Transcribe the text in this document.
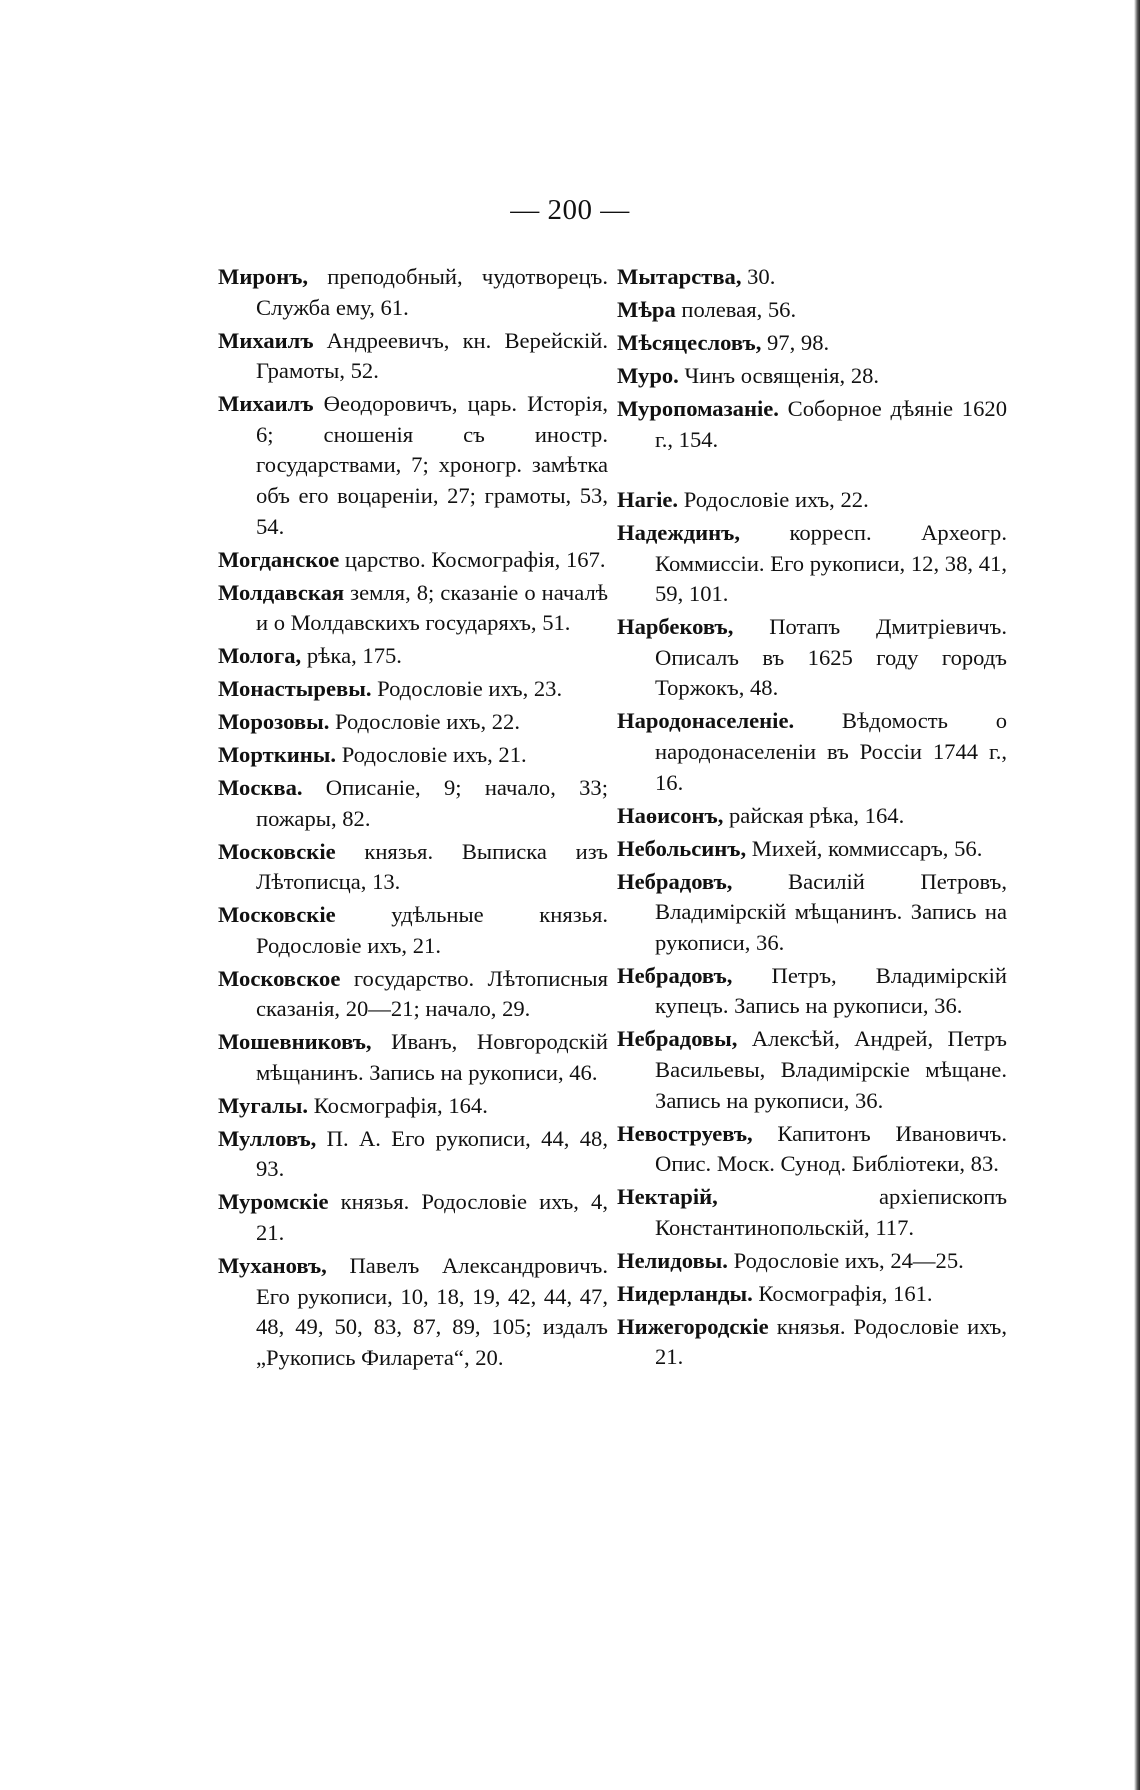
— 200 —
Миронъ, преподобный, чудотворецъ. Служба ему, 61.
Михаилъ Андреевичъ, кн. Верейскій. Грамоты, 52.
Михаилъ Өеодоровичъ, царь. Исторія, 6; сношенія съ иностр. государствами, 7; хроногр. замѣтка объ его воцареніи, 27; грамоты, 53, 54.
Могданское царство. Космографія, 167.
Молдавская земля, 8; сказаніе о началѣ и о Молдавскихъ государяхъ, 51.
Молога, рѣка, 175.
Монастыревы. Родословіе ихъ, 23.
Морозовы. Родословіе ихъ, 22.
Морткины. Родословіе ихъ, 21.
Москва. Описаніе, 9; начало, 33; пожары, 82.
Московскіе князья. Выписка изъ Лѣтописца, 13.
Московскіе удѣльные князья. Родословіе ихъ, 21.
Московское государство. Лѣтописныя сказанія, 20—21; начало, 29.
Мошевниковъ, Иванъ, Новгородскій мѣщанинъ. Запись на рукописи, 46.
Мугалы. Космографія, 164.
Мулловъ, П. А. Его рукописи, 44, 48, 93.
Муромскіе князья. Родословіе ихъ, 4, 21.
Мухановъ, Павелъ Александровичъ. Его рукописи, 10, 18, 19, 42, 44, 47, 48, 49, 50, 83, 87, 89, 105; издалъ „Рукопись Филарета“, 20.
Мытарства, 30.
Мѣра полевая, 56.
Мѣсяцесловъ, 97, 98.
Муро. Чинъ освященія, 28.
Муропомазаніе. Соборное дѣяніе 1620 г., 154.
Нагіе. Родословіе ихъ, 22.
Надеждинъ, корресп. Археогр. Коммиссіи. Его рукописи, 12, 38, 41, 59, 101.
Нарбековъ, Потапъ Дмитріевичъ. Описалъ въ 1625 году городъ Торжокъ, 48.
Народонаселеніе. Вѣдомость о народонаселеніи въ Россіи 1744 г., 16.
Наөисонъ, райская рѣка, 164.
Небольсинъ, Михей, коммиссаръ, 56.
Небрадовъ, Василій Петровъ, Владимірскій мѣщанинъ. Запись на рукописи, 36.
Небрадовъ, Петръ, Владимірскій купецъ. Запись на рукописи, 36.
Небрадовы, Алексѣй, Андрей, Петръ Васильевы, Владимірскіе мѣщане. Запись на рукописи, 36.
Невоструевъ, Капитонъ Ивановичъ. Опис. Моск. Сунод. Библіотеки, 83.
Нектарій, архіепископъ Константинопольскій, 117.
Нелидовы. Родословіе ихъ, 24—25.
Нидерланды. Космографія, 161.
Нижегородскіе князья. Родословіе ихъ, 21.
